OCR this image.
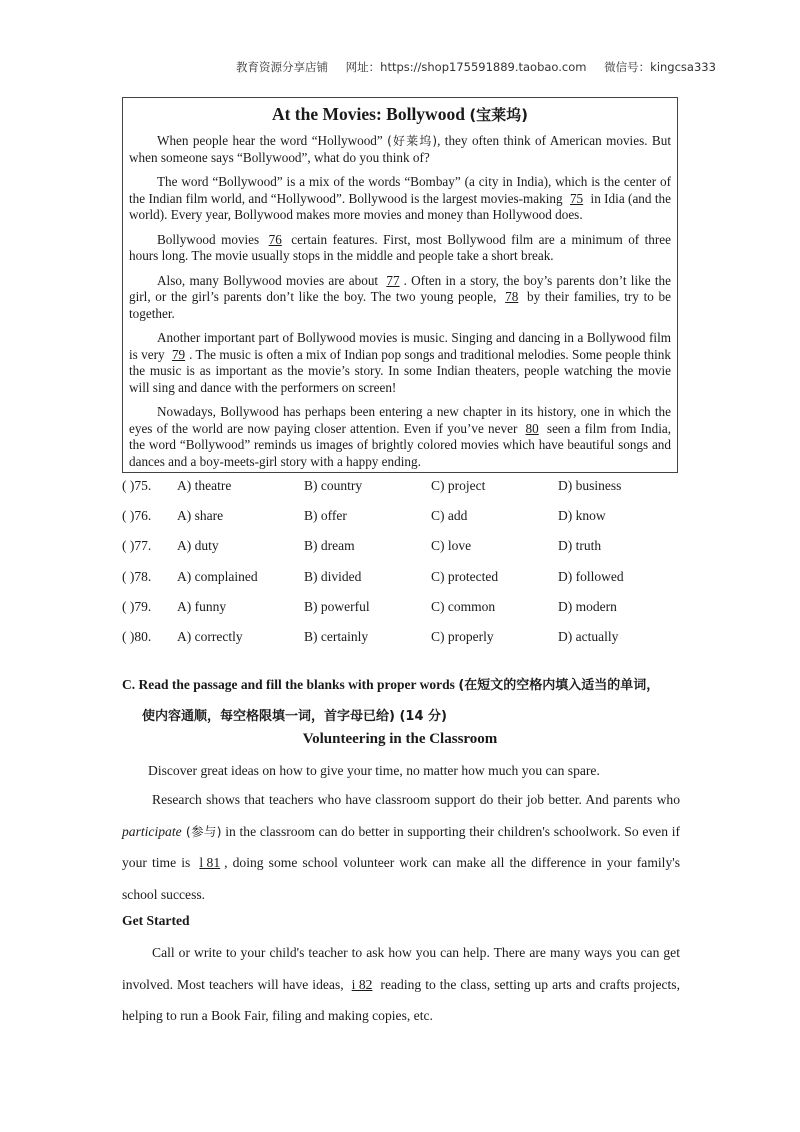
教育资源分享店铺 网址：https://shop175591889.taobao.com 微信号：kingcsa333
At the Movies: Bollywood (宝莱坞)

When people hear the word “Hollywood” (好莱坞), they often think of American movies. But when someone says “Bollywood”, what do you think of?

The word “Bollywood” is a mix of the words “Bombay” (a city in India), which is the center of the Indian film world, and “Hollywood”. Bollywood is the largest movies-making 75 in Idia (and the world). Every year, Bollywood makes more movies and money than Hollywood does.

Bollywood movies 76 certain features. First, most Bollywood film are a minimum of three hours long. The movie usually stops in the middle and people take a short break.

Also, many Bollywood movies are about 77 . Often in a story, the boy’s parents don’t like the girl, or the girl’s parents don’t like the boy. The two young people, 78 by their families, try to be together.

Another important part of Bollywood movies is music. Singing and dancing in a Bollywood film is very 79 . The music is often a mix of Indian pop songs and traditional melodies. Some people think the music is as important as the movie’s story. In some Indian theaters, people watching the movie will sing and dance with the performers on screen!

Nowadays, Bollywood has perhaps been entering a new chapter in its history, one in which the eyes of the world are now paying closer attention. Even if you’ve never 80 seen a film from India, the word “Bollywood” reminds us images of brightly colored movies which have beautiful songs and dances and a boy-meets-girl story with a happy ending.

( )75. A) theatre	B) country	C) project	D) business
( )76. A) share	B) offer	C) add	D) know
( )77. A) duty	B) dream	C) love	D) truth
( )78. A) complained	B) divided	C) protected	D) followed
( )79. A) funny	B) powerful	C) common	D) modern
( )80. A) correctly	B) certainly	C) properly	D) actually
C. Read the passage and fill the blanks with proper words (在短文的空格内填入适当的单词，
使内容通顺，每空格限填一词，首字母已给) (14 分)
Volunteering in the Classroom
Discover great ideas on how to give your time, no matter how much you can spare.
Research shows that teachers who have classroom support do their job better. And parents who participate (参与) in the classroom can do better in supporting their children's schoolwork. So even if your time is l 81 , doing some school volunteer work can make all the difference in your family's school success.
Get Started
Call or write to your child's teacher to ask how you can help. There are many ways you can get involved. Most teachers will have ideas, i 82 reading to the class, setting up arts and crafts projects, helping to run a Book Fair, filing and making copies, etc.
